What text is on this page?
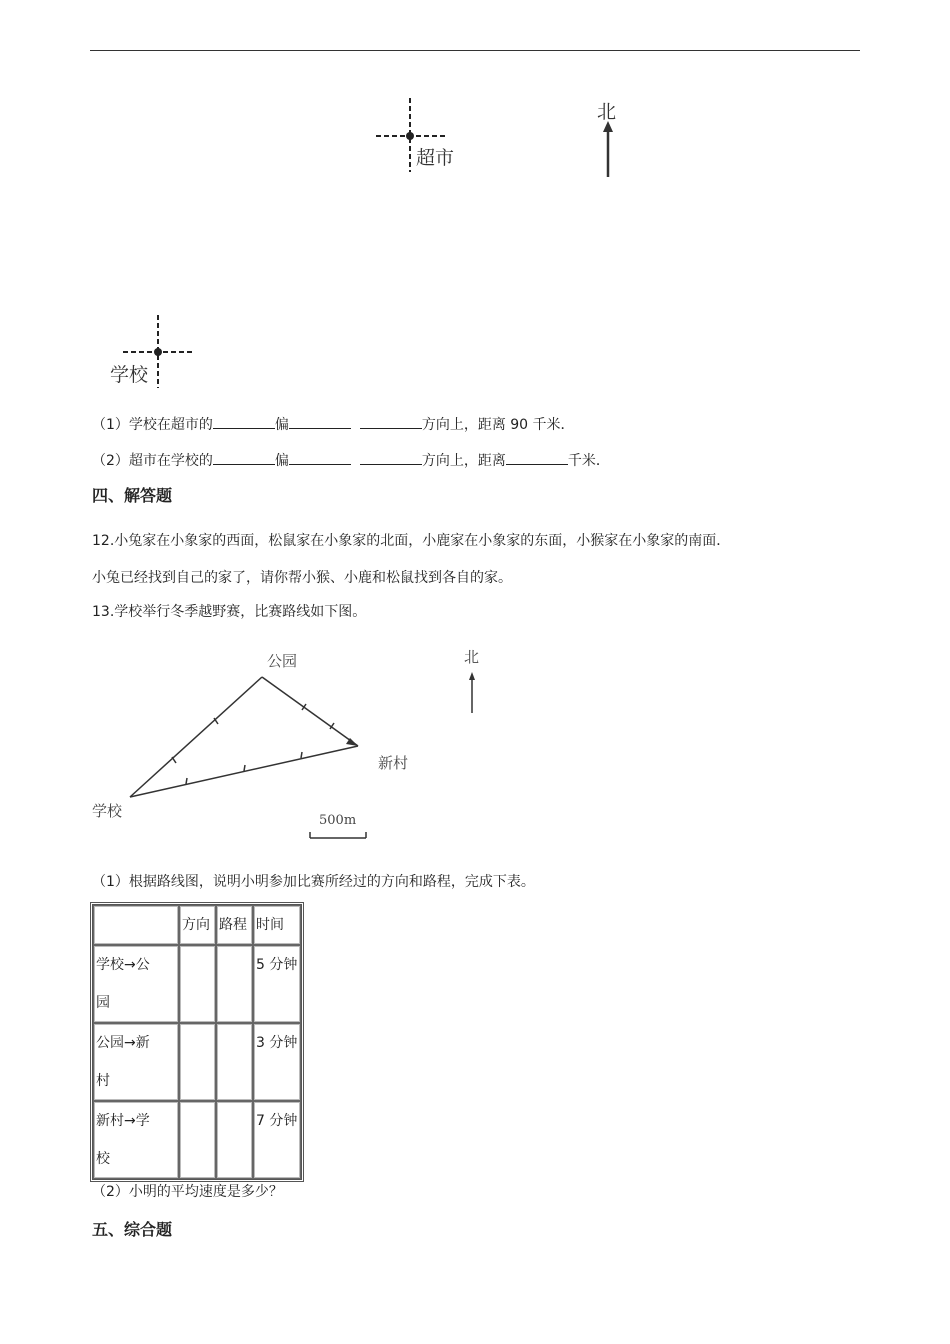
超市
学校
北
（1）学校在超市的	偏	方向上，距离 90 千米．
（2）超市在学校的	偏	方向上，距离	千米．
四、解答题
12.小兔家在小象家的西面，松鼠家在小象家的北面，小鹿家在小象家的东面，小猴家在小象家的南面．
小兔已经找到自己的家了，请你帮小猴、小鹿和松鼠找到各自的家。
13.学校举行冬季越野赛，比赛路线如下图。
公园
新村
学校
北
500m
（1）根据路线图，说明小明参加比赛所经过的方向和路程，完成下表。
	方向	路程	时间
学校→公
园			5 分钟
公园→新
村			3 分钟
新村→学
校			7 分钟
（2）小明的平均速度是多少？
五、综合题
